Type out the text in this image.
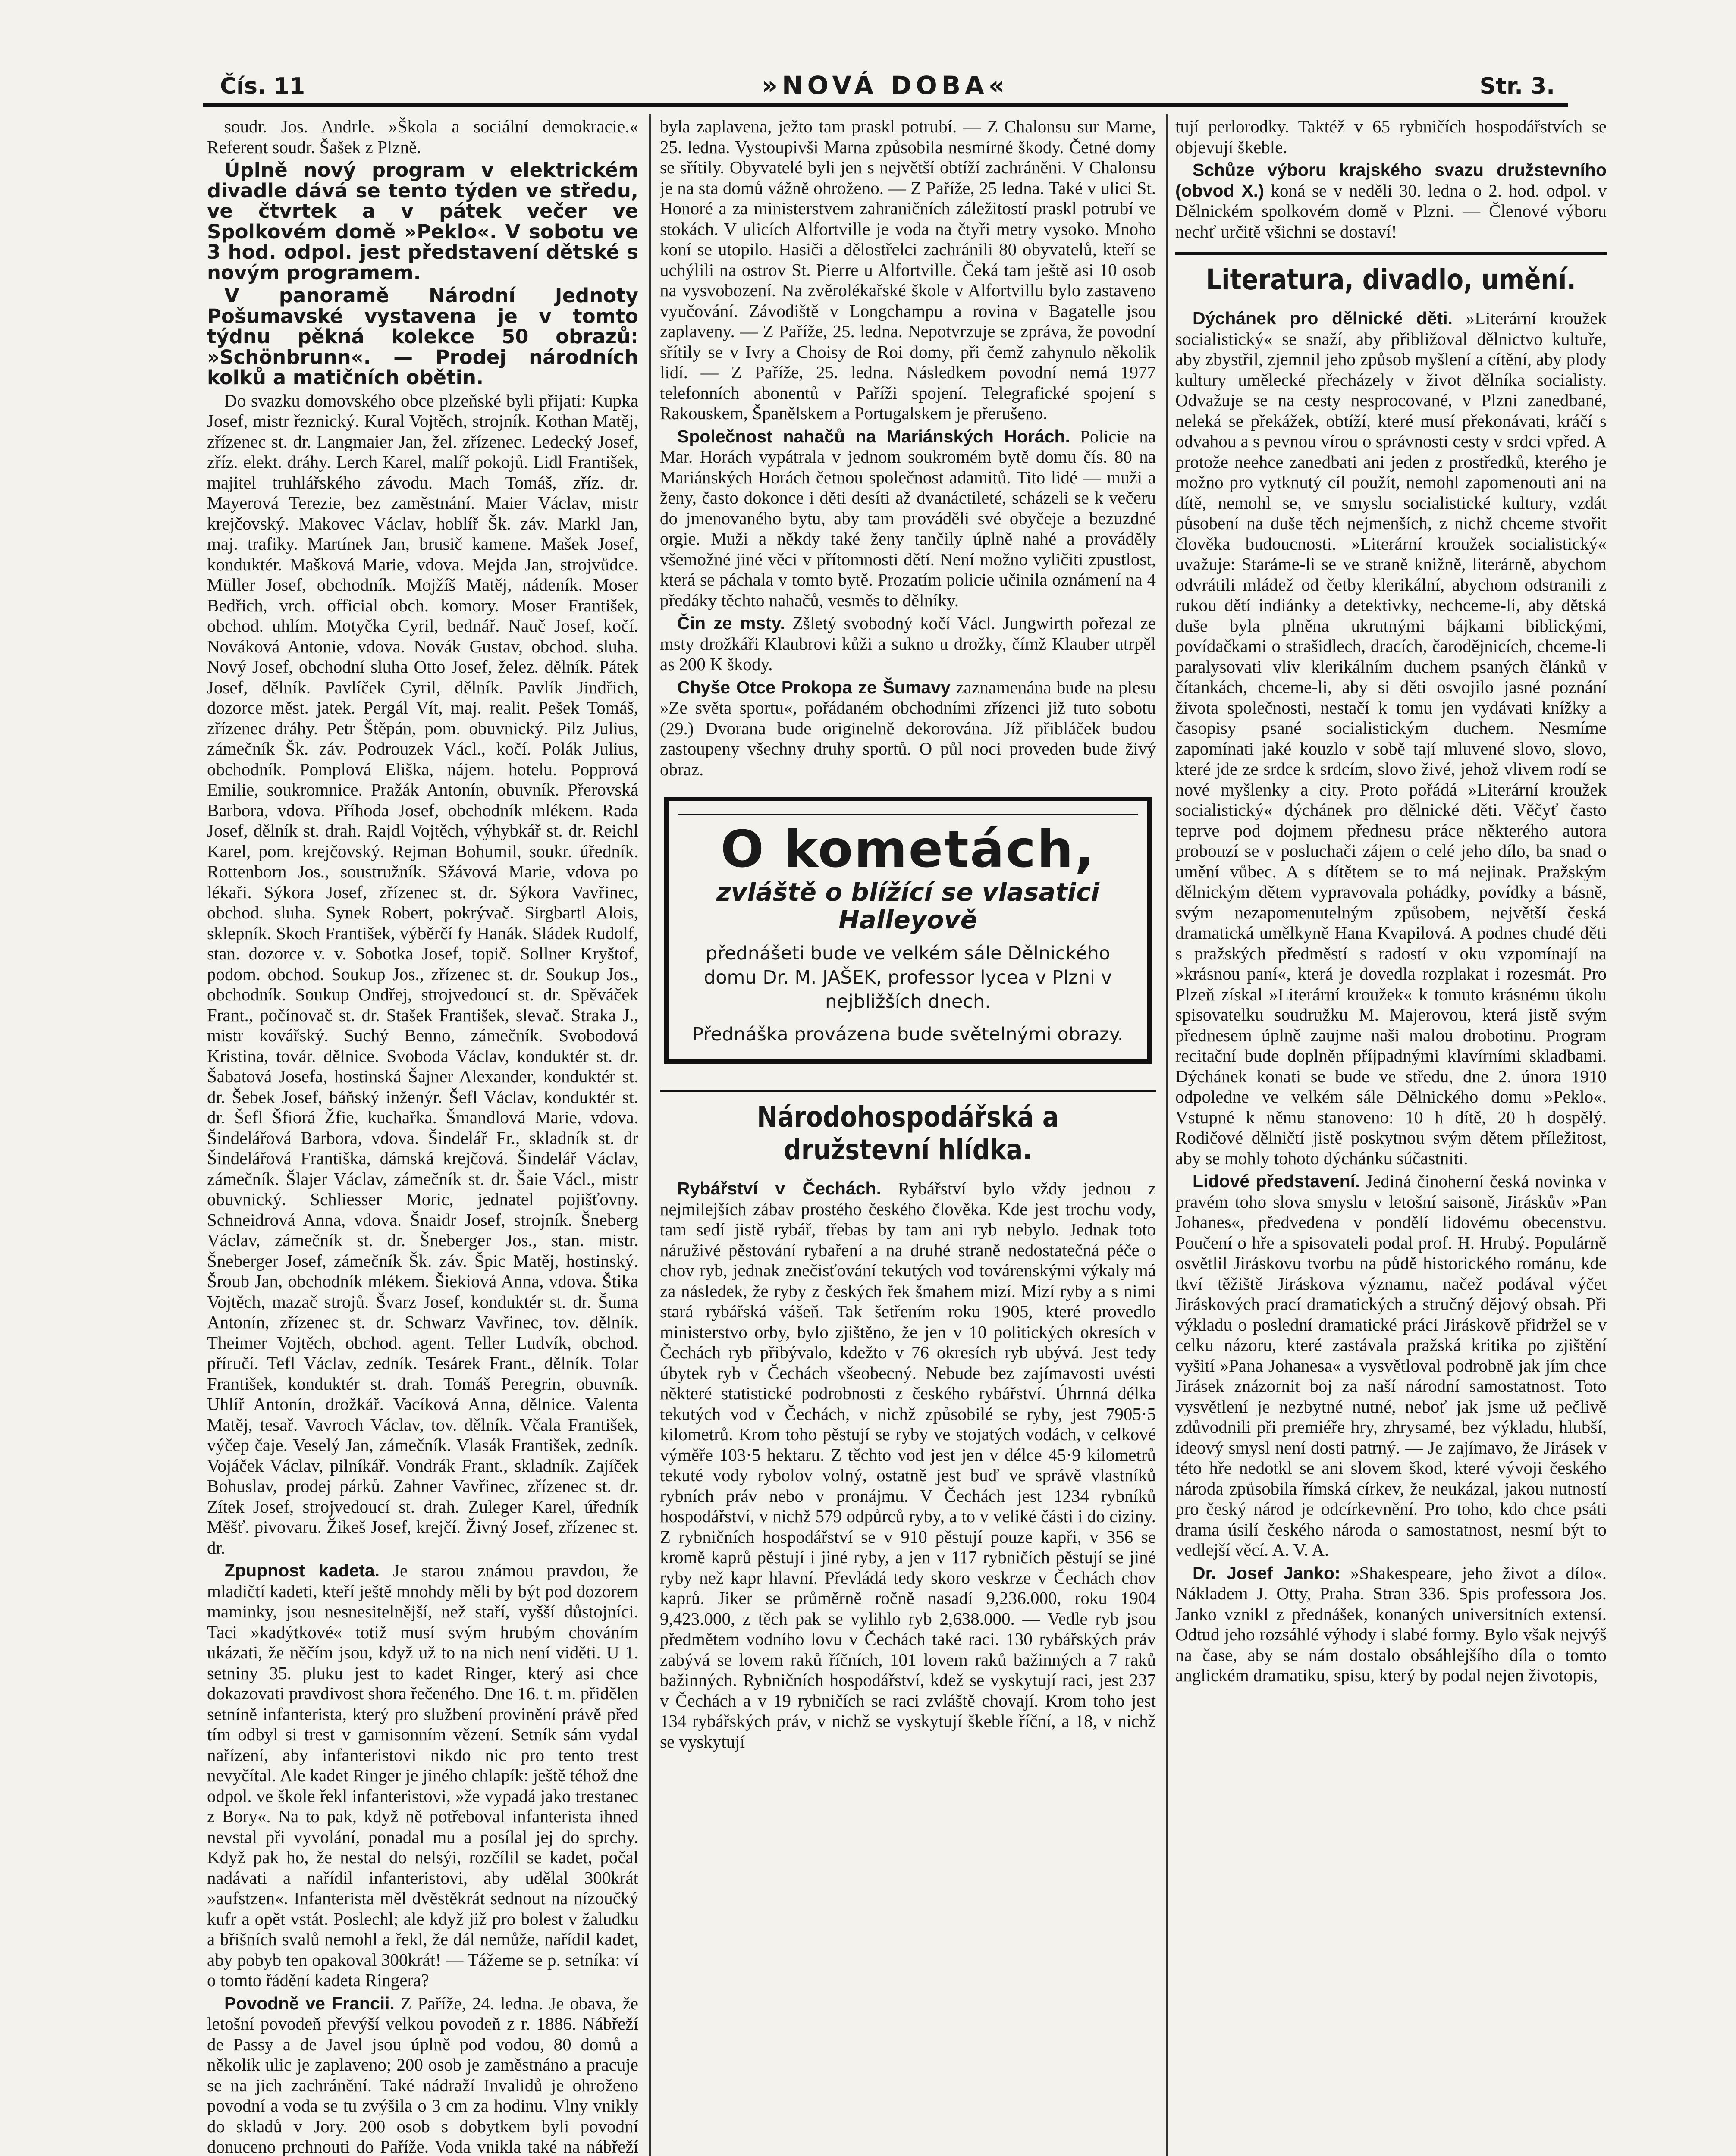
Čís. 11	»NOVÁ DOBA«	Str. 3.

soudr. Jos. Andrle. »Škola a sociální demokracie.« Referent soudr. Šašek z Plzně.

Úplně nový program v elektrickém divadle dává se tento týden ve středu, ve čtvrtek a v pátek večer ve Spolkovém domě »Peklo«. V sobotu ve 3 hod. odpol. jest představení dětské s novým programem.

V panoramě Národní Jednoty Pošumavské vystavena je v tomto týdnu pěkná kolekce 50 obrazů: »Schönbrunn«. — Prodej národních kolků a matičních obětin.

Do svazku domovského obce plzeňské byli přijati: Kupka Josef, mistr řeznický. Kural Vojtěch, strojník. Kothan Matěj, zřízenec st. dr. Langmaier Jan, žel. zřízenec. Ledecký Josef, zříz. elekt. dráhy. Lerch Karel, malíř pokojů. Lidl František, majitel truhlářského závodu. Mach Tomáš, zříz. dr. Mayerová Terezie, bez zaměstnání. Maier Václav, mistr krejčovský. Makovec Václav, hoblíř Šk. záv. Markl Jan, maj. trafiky. Martínek Jan, brusič kamene. Mašek Josef, konduktér. Mašková Marie, vdova. Mejda Jan, strojvůdce. Müller Josef, obchodník. Mojžíš Matěj, nádeník. Moser Bedřich, vrch. official obch. komory. Moser František, obchod. uhlím. Motyčka Cyril, bednář. Nauč Josef, kočí. Nováková Antonie, vdova. Novák Gustav, obchod. sluha. Nový Josef, obchodní sluha Otto Josef, želez. dělník. Pátek Josef, dělník. Pavlíček Cyril, dělník. Pavlík Jindřich, dozorce měst. jatek. Pergál Vít, maj. realit. Pešek Tomáš, zřízenec dráhy. Petr Štěpán, pom. obuvnický. Pilz Julius, zámečník Šk. záv. Podrouzek Václ., kočí. Polák Julius, obchodník. Pomplová Eliška, nájem. hotelu. Popprová Emilie, soukromnice. Pražák Antonín, obuvník. Přerovská Barbora, vdova. Příhoda Josef, obchodník mlékem. Rada Josef, dělník st. drah. Rajdl Vojtěch, výhybkář st. dr. Reichl Karel, pom. krejčovský. Rejman Bohumil, soukr. úředník. Rottenborn Jos., soustružník. Sžávová Marie, vdova po lékaři. Sýkora Josef, zřízenec st. dr. Sýkora Vavřinec, obchod. sluha. Synek Robert, pokrývač. Sirgbartl Alois, sklepník. Skoch František, výběrčí fy Hanák. Sládek Rudolf, stan. dozorce v. v. Sobotka Josef, topič. Sollner Kryštof, podom. obchod. Soukup Jos., zřízenec st. dr. Soukup Jos., obchodník. Soukup Ondřej, strojvedoucí st. dr. Spěváček Frant., počínovač st. dr. Stašek František, slevač. Straka J., mistr kovářský. Suchý Benno, zámečník. Svobodová Kristina, továr. dělnice. Svoboda Václav, konduktér st. dr. Šabatová Josefa, hostinská Šajner Alexander, konduktér st. dr. Šebek Josef, báňský inženýr. Šefl Václav, konduktér st. dr. Šefl Šfiorá Žfie, kuchařka. Šmandlová Marie, vdova. Šindelářová Barbora, vdova. Šindelář Fr., skladník st. dr Šindelářová Františka, dámská krejčová. Šindelář Václav, zámečník. Šlajer Václav, zámečník st. dr. Šaie Václ., mistr obuvnický. Schliesser Moric, jednatel pojišťovny. Schneidrová Anna, vdova. Šnaidr Josef, strojník. Šneberg Václav, zámečník st. dr. Šneberger Jos., stan. mistr. Šneberger Josef, zámečník Šk. záv. Špic Matěj, hostinský. Šroub Jan, obchodník mlékem. Šiekiová Anna, vdova. Štika Vojtěch, mazač strojů. Švarz Josef, konduktér st. dr. Šuma Antonín, zřízenec st. dr. Schwarz Vavřinec, tov. dělník. Theimer Vojtěch, obchod. agent. Teller Ludvík, obchod. příručí. Tefl Václav, zedník. Tesárek Frant., dělník. Tolar František, konduktér st. drah. Tomáš Peregrin, obuvník. Uhlíř Antonín, drožkář. Vacíková Anna, dělnice. Valenta Matěj, tesař. Vavroch Václav, tov. dělník. Včala František, výčep čaje. Veselý Jan, zámečník. Vlasák František, zedník. Vojáček Václav, pilníkář. Vondrák Frant., skladník. Zajíček Bohuslav, prodej párků. Zahner Vavřinec, zřízenec st. dr. Zítek Josef, strojvedoucí st. drah. Zuleger Karel, úředník Měšť. pivovaru. Žikeš Josef, krejčí. Živný Josef, zřízenec st. dr.

Zpupnost kadeta. Je starou známou pravdou, že mladičtí kadeti, kteří ještě mnohdy měli by být pod dozorem maminky, jsou nesnesitelnější, než staří, vyšší důstojníci. Taci »kadýtkové« totiž musí svým hrubým chováním ukázati, že něčím jsou, když už to na nich není viděti. U 1. setniny 35. pluku jest to kadet Ringer, který asi chce dokazovati pravdivost shora řečeného. Dne 16. t. m. přidělen setníně infanterista, který pro službení provinění právě před tím odbyl si trest v garnisonním vězení. Setník sám vydal nařízení, aby infanteristovi nikdo nic pro tento trest nevyčítal. Ale kadet Ringer je jiného chlapík: ještě téhož dne odpol. ve škole řekl infanteristovi, »že vypadá jako trestanec z Bory«. Na to pak, když ně potřeboval infanterista ihned nevstal při vyvolání, ponadal mu a posílal jej do sprchy. Když pak ho, že nestal do nelsýi, rozčílil se kadet, počal nadávati a nařídil infanteristovi, aby udělal 300krát »aufstzen«. Infanterista měl dvěstěkrát sednout na nízoučký kufr a opět vstát. Poslechl; ale když již pro bolest v žaludku a břišních svalů nemohl a řekl, že dál nemůže, nařídil kadet, aby pobyb ten opakoval 300krát! — Tážeme se p. setníka: ví o tomto řádění kadeta Ringera?

Povodně ve Francii. Z Paříže, 24. ledna. Je obava, že letošní povodeň převýší velkou povodeň z r. 1886. Nábřeží de Passy a de Javel jsou úplně pod vodou, 80 domů a několik ulic je zaplaveno; 200 osob je zaměstnáno a pracuje se na jich zachránění. Také nádraží Invalidů je ohroženo povodní a voda se tu zvýšila o 3 cm za hodinu. Vlny vnikly do skladů v Jory. 200 osob s dobytkem byli povodní donuceno prchnouti do Paříže. Voda vnikla také na nábřeží

byla zaplavena, ježto tam praskl potrubí. — Z Chalonsu sur Marne, 25. ledna. Vystoupivši Marna způsobila nesmírné škody. Četné domy se sřítily. Obyvatelé byli jen s největší obtíží zachráněni. V Chalonsu je na sta domů vážně ohroženo. — Z Paříže, 25 ledna. Také v ulici St. Honoré a za ministerstvem zahraničních záležitostí praskl potrubí ve stokách. V ulicích Alfortville je voda na čtyři metry vysoko. Mnoho koní se utopilo. Hasiči a dělostřelci zachránili 80 obyvatelů, kteří se uchýlili na ostrov St. Pierre u Alfortville. Čeká tam ještě asi 10 osob na vysvobození. Na zvěrolékařské škole v Alfortvillu bylo zastaveno vyučování. Závodiště v Longchampu a rovina v Bagatelle jsou zaplaveny. — Z Paříže, 25. ledna. Nepotvrzuje se zpráva, že povodní sřítily se v Ivry a Choisy de Roi domy, při čemž zahynulo několik lidí. — Z Paříže, 25. ledna. Následkem povodní nemá 1977 telefonních abonentů v Paříži spojení. Telegrafické spojení s Rakouskem, Španělskem a Portugalskem je přerušeno.

Společnost nahačů na Mariánských Horách. Policie na Mar. Horách vypátrala v jednom soukromém bytě domu čís. 80 na Mariánských Horách četnou společnost adamitů. Tito lidé — muži a ženy, často dokonce i děti desíti až dvanáctileté, scházeli se k večeru do jmenovaného bytu, aby tam prováděli své obyčeje a bezuzdné orgie. Muži a někdy také ženy tančily úplně nahé a prováděly všemožné jiné věci v přítomnosti dětí. Není možno vyličiti zpustlost, která se páchala v tomto bytě. Prozatím policie učinila oznámení na 4 předáky těchto nahačů, vesměs to dělníky.

Čin ze msty. Zšletý svobodný kočí Václ. Jungwirth pořezal ze msty drožkáři Klaubrovi kůži a sukno u drožky, čímž Klauber utrpěl as 200 K škody.

Chyše Otce Prokopa ze Šumavy zaznamenána bude na plesu »Ze světa sportu«, pořádaném obchodními zřízenci již tuto sobotu (29.) Dvorana bude originelně dekorována. Jíž přibláček budou zastoupeny všechny druhy sportů. O půl noci proveden bude živý obraz.

O kometách,
zvláště o blížící se vlasatici
Halleyově
přednášeti bude ve velkém sále Dělnického domu Dr. M. JAŠEK, professor lycea v Plzni v nejbližších dnech.
Přednáška provázena bude světelnými obrazy.
Národohospodářská a družstevní hlídka.

Rybářství v Čechách. Rybářství bylo vždy jednou z nejmilejších zábav prostého českého člověka. Kde jest trochu vody, tam sedí jistě rybář, třebas by tam ani ryb nebylo. Jednak toto náruživé pěstování rybaření a na druhé straně nedostatečná péče o chov ryb, jednak znečisťování tekutých vod továrenskými výkaly má za následek, že ryby z českých řek šmahem mizí. Mizí ryby a s nimi stará rybářská vášeň. Tak šetřením roku 1905, které provedlo ministerstvo orby, bylo zjištěno, že jen v 10 politických okresích v Čechách ryb přibývalo, kdežto v 76 okresích ryb ubývá. Jest tedy úbytek ryb v Čechách všeobecný. Nebude bez zajímavosti uvésti některé statistické podrobnosti z českého rybářství. Úhrnná délka tekutých vod v Čechách, v nichž způsobilé se ryby, jest 7905·5 kilometrů. Krom toho pěstují se ryby ve stojatých vodách, v celkové výměře 103·5 hektaru. Z těchto vod jest jen v délce 45·9 kilometrů tekuté vody rybolov volný, ostatně jest buď ve správě vlastníků rybních práv nebo v pronájmu. V Čechách jest 1234 rybníků hospodářství, v nichž 579 odpůrců ryby, a to v veliké části i do ciziny. Z rybničních hospodářství se v 910 pěstují pouze kapři, v 356 se kromě kaprů pěstují i jiné ryby, a jen v 117 rybničích pěstují se jiné ryby než kapr hlavní. Převládá tedy skoro veskrze v Čechách chov kaprů. Jiker se průměrně ročně nasadí 9,236.000, roku 1904 9,423.000, z těch pak se vylihlo ryb 2,638.000. — Vedle ryb jsou předmětem vodního lovu v Čechách také raci. 130 rybářských práv zabývá se lovem raků říčních, 101 lovem raků bažinných a 7 raků bažinných. Rybničních hospodářství, kdež se vyskytují raci, jest 237 v Čechách a v 19 rybničích se raci zvláště chovají. Krom toho jest 134 rybářských práv, v nichž se vyskytují škeble říční, a 18, v nichž se vyskytují

tují perlorodky. Taktéž v 65 rybničích hospodářstvích se objevují škeble.

Schůze výboru krajského svazu družstevního (obvod X.) koná se v neděli 30. ledna o 2. hod. odpol. v Dělnickém spolkovém domě v Plzni. — Členové výboru nechť určitě všichni se dostaví!

Literatura, divadlo, umění.

Dýchánek pro dělnické děti. »Literární kroužek socialistický« se snaží, aby přibližoval dělnictvo kultuře, aby zbystřil, zjemnil jeho způsob myšlení a cítění, aby plody kultury umělecké přecházely v život dělníka socialisty. Odvažuje se na cesty nesprocované, v Plzni zanedbané, neleká se překážek, obtíží, které musí překonávati, kráčí s odvahou a s pevnou vírou o správnosti cesty v srdci vpřed. A protože neehce zanedbati ani jeden z prostředků, kterého je možno pro vytknutý cíl použít, nemohl zapomenouti ani na dítě, nemohl se, ve smyslu socialistické kultury, vzdát působení na duše těch nejmenších, z nichž chceme stvořit člověka budoucnosti. »Literární kroužek socialistický« uvažuje: Staráme-li se ve straně knižně, literárně, abychom odvrátili mládež od četby klerikální, abychom odstranili z rukou dětí indiánky a detektivky, nechceme-li, aby dětská duše byla plněna ukrutnými bájkami biblickými, povídačkami o strašidlech, dracích, čarodějnicích, chceme-li paralysovati vliv klerikálním duchem psaných článků v čítankách, chceme-li, aby si děti osvojilo jasné poznání života společnosti, nestačí k tomu jen vydávati knížky a časopisy psané socialistickým duchem. Nesmíme zapomínati jaké kouzlo v sobě tají mluvené slovo, slovo, které jde ze srdce k srdcím, slovo živé, jehož vlivem rodí se nové myšlenky a city. Proto pořádá »Literární kroužek socialistický« dýchánek pro dělnické děti. Věčyť často teprve pod dojmem přednesu práce některého autora probouzí se v posluchači zájem o celé jeho dílo, ba snad o umění vůbec. A s dítětem se to má nejinak. Pražským dělnickým dětem vypravovala pohádky, povídky a básně, svým nezapomenutelným způsobem, největší česká dramatická umělkyně Hana Kvapilová. A podnes chudé děti s pražských předměstí s radostí v oku vzpomínají na »krásnou paní«, která je dovedla rozplakat i rozesmát. Pro Plzeň získal »Literární kroužek« k tomuto krásnému úkolu spisovatelku soudružku M. Majerovou, která jistě svým přednesem úplně zaujme naši malou drobotinu. Program recitační bude doplněn příjpadnými klavírními skladbami. Dýchánek konati se bude ve středu, dne 2. února 1910 odpoledne ve velkém sále Dělnického domu »Peklo«. Vstupné k němu stanoveno: 10 h dítě, 20 h dospělý. Rodičové dělničtí jistě poskytnou svým dětem příležitost, aby se mohly tohoto dýchánku súčastniti.

Lidové představení. Jediná činoherní česká novinka v pravém toho slova smyslu v letošní saisoně, Jiráskův »Pan Johanes«, předvedena v pondělí lidovému obecenstvu. Poučení o hře a spisovateli podal prof. H. Hrubý. Populárně osvětlil Jiráskovu tvorbu na půdě historického románu, kde tkví těžiště Jiráskova významu, načež podával výčet Jiráskových prací dramatických a stručný dějový obsah. Při výkladu o poslední dramatické práci Jiráskově přidržel se v celku názoru, které zastávala pražská kritika po zjištění vyšití »Pana Johanesa« a vysvětloval podrobně jak jím chce Jirásek znázornit boj za naší národní samostatnost. Toto vysvětlení je nezbytné nutné, neboť jak jsme už pečlivě zdůvodnili při premiéře hry, zhrysamé, bez výkladu, hlubší, ideový smysl není dosti patrný. — Je zajímavo, že Jirásek v této hře nedotkl se ani slovem škod, které vývoji českého národa způsobila římská církev, že neukázal, jakou nutností pro český národ je odcírkevnění. Pro toho, kdo chce psáti drama úsilí českého národa o samostatnost, nesmí být to vedlejší věcí. A. V. A.

Dr. Josef Janko: »Shakespeare, jeho život a dílo«. Nákladem J. Otty, Praha. Stran 336. Spis professora Jos. Janko vznikl z přednášek, konaných universitních extensí. Odtud jeho rozsáhlé výhody i slabé formy. Bylo však nejvýš na čase, aby se nám dostalo obsáhlejšího díla o tomto anglickém dramatiku, spisu, který by podal nejen životopis,
